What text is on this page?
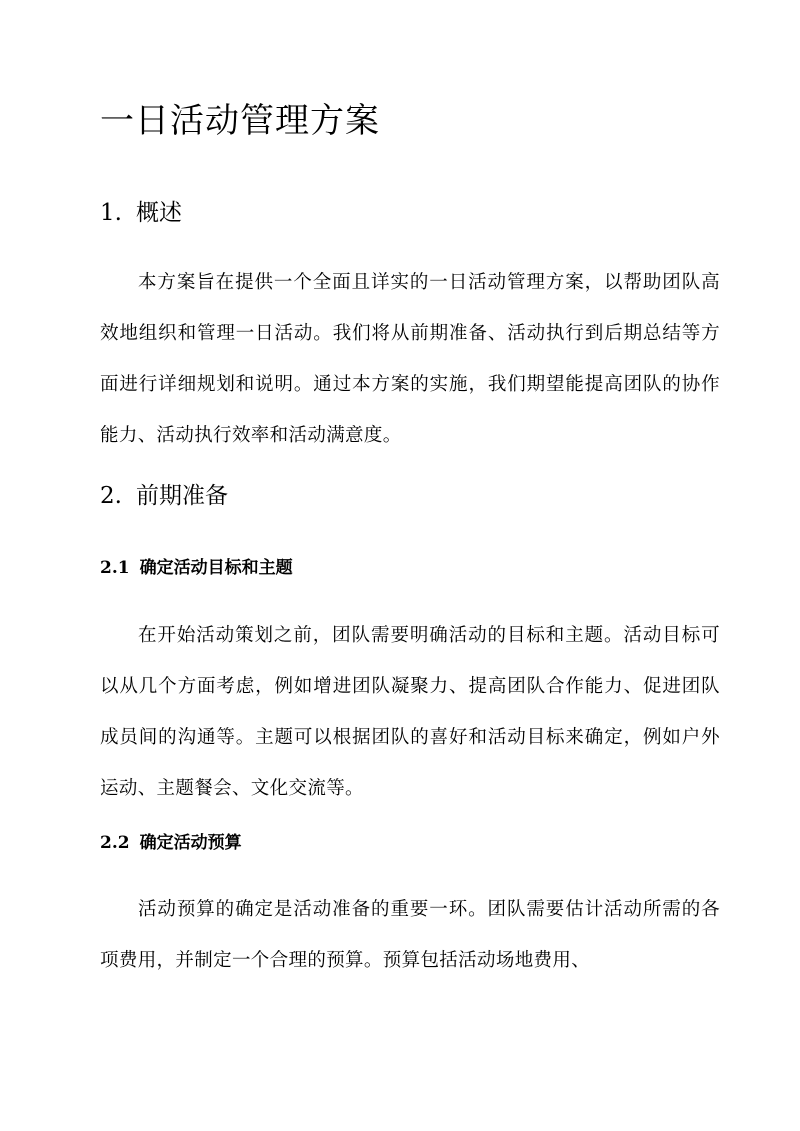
一日活动管理方案
1. 概述

本方案旨在提供一个全面且详实的一日活动管理方案，以帮助团队高效地组织和管理一日活动。我们将从前期准备、活动执行到后期总结等方面进行详细规划和说明。通过本方案的实施，我们期望能提高团队的协作能力、活动执行效率和活动满意度。

2. 前期准备
2.1 确定活动目标和主题

在开始活动策划之前，团队需要明确活动的目标和主题。活动目标可以从几个方面考虑，例如增进团队凝聚力、提高团队合作能力、促进团队成员间的沟通等。主题可以根据团队的喜好和活动目标来确定，例如户外运动、主题餐会、文化交流等。

2.2 确定活动预算

活动预算的确定是活动准备的重要一环。团队需要估计活动所需的各项费用，并制定一个合理的预算。预算包括活动场地费用、
